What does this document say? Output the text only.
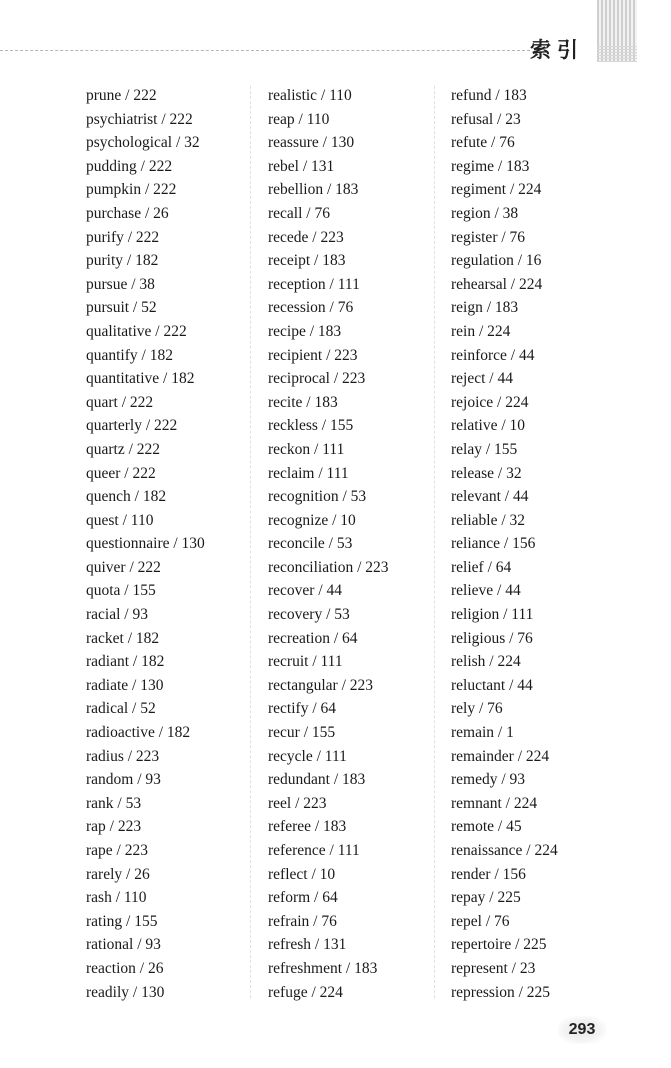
索引
prune / 222
psychiatrist / 222
psychological / 32
pudding / 222
pumpkin / 222
purchase / 26
purify / 222
purity / 182
pursue / 38
pursuit / 52
qualitative / 222
quantify / 182
quantitative / 182
quart / 222
quarterly / 222
quartz / 222
queer / 222
quench / 182
quest / 110
questionnaire / 130
quiver / 222
quota / 155
racial / 93
racket / 182
radiant / 182
radiate / 130
radical / 52
radioactive / 182
radius / 223
random / 93
rank / 53
rap / 223
rape / 223
rarely / 26
rash / 110
rating / 155
rational / 93
reaction / 26
readily / 130
realistic / 110
reap / 110
reassure / 130
rebel / 131
rebellion / 183
recall / 76
recede / 223
receipt / 183
reception / 111
recession / 76
recipe / 183
recipient / 223
reciprocal / 223
recite / 183
reckless / 155
reckon / 111
reclaim / 111
recognition / 53
recognize / 10
reconcile / 53
reconciliation / 223
recover / 44
recovery / 53
recreation / 64
recruit / 111
rectangular / 223
rectify / 64
recur / 155
recycle / 111
redundant / 183
reel / 223
referee / 183
reference / 111
reflect / 10
reform / 64
refrain / 76
refresh / 131
refreshment / 183
refuge / 224
refund / 183
refusal / 23
refute / 76
regime / 183
regiment / 224
region / 38
register / 76
regulation / 16
rehearsal / 224
reign / 183
rein / 224
reinforce / 44
reject / 44
rejoice / 224
relative / 10
relay / 155
release / 32
relevant / 44
reliable / 32
reliance / 156
relief / 64
relieve / 44
religion / 111
religious / 76
relish / 224
reluctant / 44
rely / 76
remain / 1
remainder / 224
remedy / 93
remnant / 224
remote / 45
renaissance / 224
render / 156
repay / 225
repel / 76
repertoire / 225
represent / 23
repression / 225
293
